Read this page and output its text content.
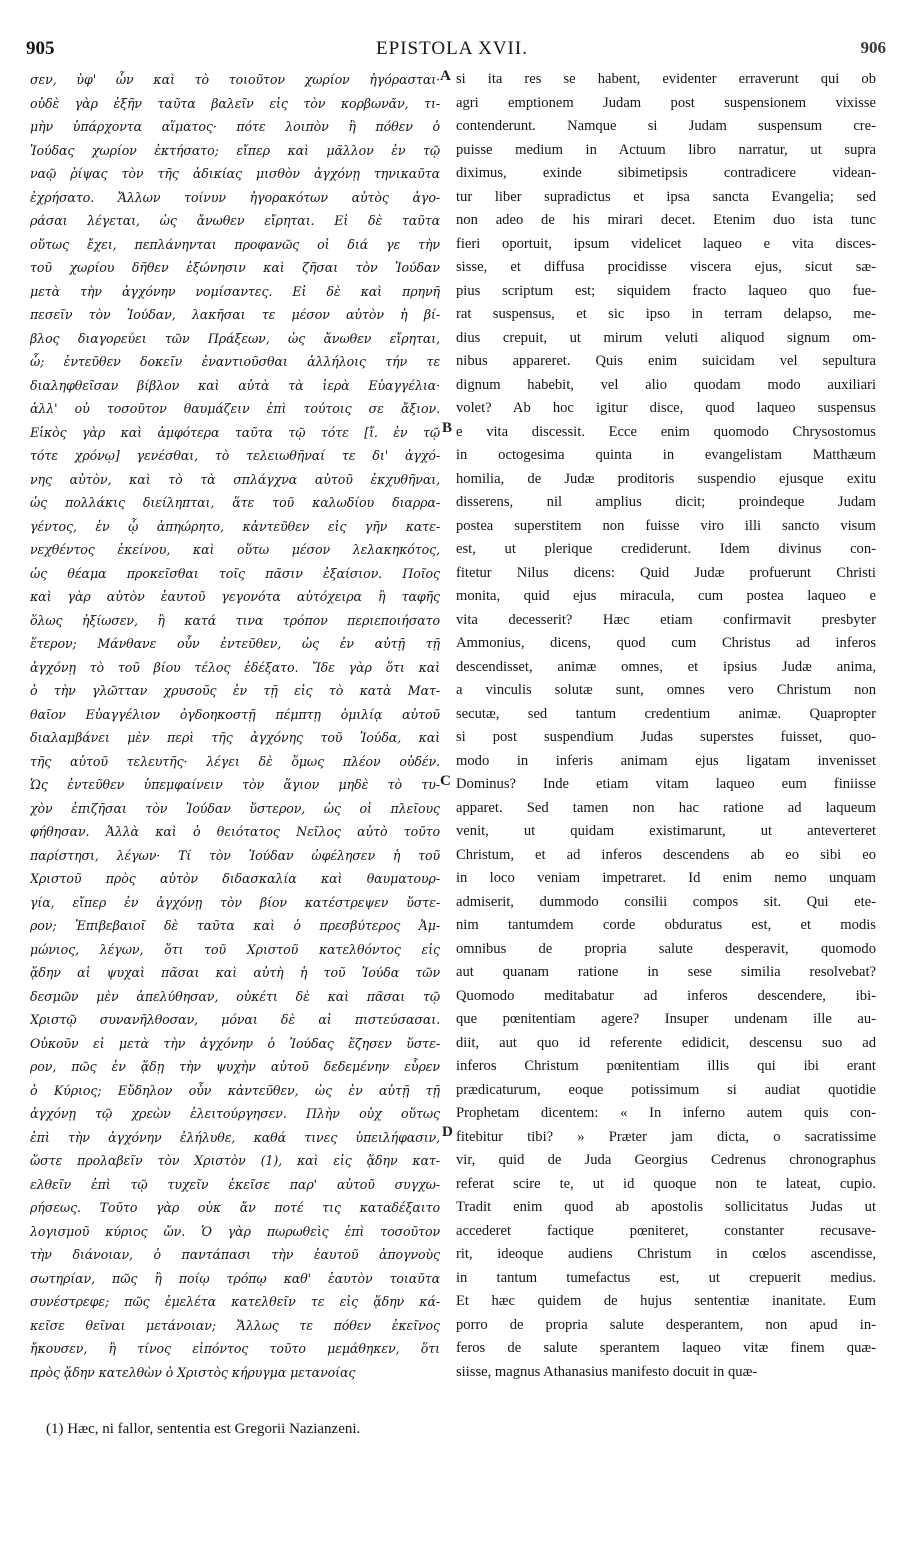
905	EPISTOLA XVII.	906
σεν, ὑφ' ὧν καὶ τὸ τοιοῦτον χωρίον ἠγόρασται·
οὐδὲ γὰρ ἐξῆν ταῦτα βαλεῖν εἰς τὸν κορβωνᾶν, τι-
μὴν ὑπάρχοντα αἵματος· πότε λοιπὸν ἢ πόθεν ὁ
Ἰούδας χωρίον ἐκτήσατο; εἴπερ καὶ μᾶλλον ἐν τῷ
ναῷ ῥίψας τὸν τῆς ἀδικίας μισθὸν ἀγχόνῃ τηνικαῦτα
ἐχρήσατο. Ἄλλων τοίνυν ἠγορακότων αὐτὸς ἀγο-
ράσαι λέγεται, ὡς ἄνωθεν εἴρηται. Εἰ δὲ ταῦτα
οὕτως ἔχει, πεπλάνηνται προφανῶς οἱ διά γε τὴν
τοῦ χωρίου δῆθεν ἐξώνησιν καὶ ζῆσαι τὸν Ἰούδαν
μετὰ τὴν ἀγχόνην νομίσαντες. Εἰ δὲ καὶ πρηνῆ
πεσεῖν τὸν Ἰούδαν, λακῆσαι τε μέσον αὐτὸν ἡ βί-
βλος διαγορεύει τῶν Πράξεων, ὡς ἄνωθεν εἴρηται,
ὧ; ἐντεῦθεν δοκεῖν ἐναντιοῦσθαι ἀλλήλοις τήν τε
διαληφθεῖσαν βίβλον καὶ αὐτὰ τὰ ἱερὰ Εὐαγγέλια·
ἀλλ' οὐ τοσοῦτον θαυμάζειν ἐπὶ τούτοις σε ἄξιον.
Εἰκὸς γὰρ καὶ ἀμφότερα ταῦτα τῷ τότε [ἴ. ἐν τῷ
τότε χρόνῳ] γενέσθαι, τὸ τελειωθῆναί τε δι' ἀγχό-
νης αὐτὸν, καὶ τὸ τὰ σπλάγχνα αὐτοῦ ἐκχυθῆναι,
ὡς πολλάκις διείληπται, ἅτε τοῦ καλωδίου διαρρα-
γέντος, ἐν ᾧ ἀπηώρητο, κἀντεῦθεν εἰς γῆν κατε-
νεχθέντος ἐκείνου, καὶ οὕτω μέσον λελακηκότος,
ὡς θέαμα προκεῖσθαι τοῖς πᾶσιν ἐξαίσιον. Ποῖος
καὶ γὰρ αὐτὸν ἑαυτοῦ γεγονότα αὐτόχειρα ἢ ταφῆς
ὅλως ἠξίωσεν, ἢ κατά τινα τρόπον περιεποιήσατο
ἕτερον; Μάνθανε οὖν ἐντεῦθεν, ὡς ἐν αὐτῇ τῇ
ἀγχόνῃ τὸ τοῦ βίου τέλος ἐδέξατο. Ἴδε γὰρ ὅτι καὶ
ὁ τὴν γλῶτταν χρυσοῦς ἐν τῇ εἰς τὸ κατὰ Ματ-
θαῖον Εὐαγγέλιον ὀγδοηκοστῇ πέμπτῃ ὁμιλίᾳ αὐτοῦ
διαλαμβάνει μὲν περὶ τῆς ἀγχόνης τοῦ Ἰούδα, καὶ
τῆς αὐτοῦ τελευτῆς· λέγει δὲ ὅμως πλέον οὐδέν.
Ὡς ἐντεῦθεν ὑπεμφαίνειν τὸν ἅγιον μηδὲ τὸ τυ-
χὸν ἐπιζῆσαι τὸν Ἰούδαν ὕστερον, ὡς οἱ πλεῖους
φήθησαν. Ἀλλὰ καὶ ὁ θειότατος Νεῖλος αὐτὸ τοῦτο
παρίστησι, λέγων· Τί τὸν Ἰούδαν ὠφέλησεν ἡ τοῦ
Χριστοῦ πρὸς αὐτὸν διδασκαλία καὶ θαυματουρ-
γία, εἴπερ ἐν ἀγχόνῃ τὸν βίον κατέστρεψεν ὕστε-
ρον; Ἐπιβεβαιοῖ δὲ ταῦτα καὶ ὁ πρεσβύτερος Ἀμ-
μώνιος, λέγων, ὅτι τοῦ Χριστοῦ κατελθόντος εἰς
ᾅδην αἱ ψυχαὶ πᾶσαι καὶ αὐτὴ ἡ τοῦ Ἰούδα τῶν
δεσμῶν μὲν ἀπελύθησαν, οὐκέτι δὲ καὶ πᾶσαι τῷ
Χριστῷ συνανῆλθοσαν, μόναι δὲ αἱ πιστεύσασαι.
Οὐκοῦν εἰ μετὰ τὴν ἀγχόνην ὁ Ἰούδας ἔζησεν ὕστε-
ρον, πῶς ἐν ᾅδῃ τὴν ψυχὴν αὐτοῦ δεδεμένην εὗρεν
ὁ Κύριος; Εὔδηλον οὖν κἀντεῦθεν, ὡς ἐν αὐτῇ τῇ
ἀγχόνῃ τῷ χρεὼν ἐλειτούργησεν. Πλὴν οὐχ οὕτως
ἐπὶ τὴν ἀγχόνην ἐλήλυθε, καθά τινες ὑπειλήφασιν,
ὥστε προλαβεῖν τὸν Χριστὸν (1), καὶ εἰς ᾅδην κατ-
ελθεῖν ἐπὶ τῷ τυχεῖν ἐκεῖσε παρ' αὐτοῦ συγχω-
ρήσεως. Τοῦτο γὰρ οὐκ ἄν ποτέ τις καταδέξαιτο
λογισμοῦ κύριος ὤν. Ὁ γὰρ πωρωθεὶς ἐπὶ τοσοῦτον
τὴν διάνοιαν, ὁ παντάπασι τὴν ἑαυτοῦ ἀπογνοὺς
σωτηρίαν, πῶς ἢ ποίῳ τρόπῳ καθ' ἑαυτὸν τοιαῦτα
συνέστρεφε; πῶς ἐμελέτα κατελθεῖν τε εἰς ᾅδην κά-
κεῖσε θεῖναι μετάνοιαν; Ἄλλως τε πόθεν ἐκεῖνος
ἤκουσεν, ἢ τίνος εἰπόντος τοῦτο μεμάθηκεν, ὅτι
πρὸς ᾅδην κατελθὼν ὁ Χριστὸς κήρυγμα μετανοίας
si ita res se habent, evidenter erraverunt qui ob
agri emptionem Judam post suspensionem vixisse
contenderunt. Namque si Judam suspensum cre-
puisse medium in Actuum libro narratur, ut supra
diximus, exinde sibimetipsis contradicere videan-
tur liber supradictus et ipsa sancta Evangelia; sed
non adeo de his mirari decet. Etenim duo ista tunc
fieri oportuit, ipsum videlicet laqueo e vita disces-
sisse, et diffusa procidisse viscera ejus, sicut sæ-
pius scriptum est; siquidem fracto laqueo quo fue-
rat suspensus, et sic ipso in terram delapso, me-
dius crepuit, ut mirum veluti aliquod signum om-
nibus appareret. Quis enim suicidam vel sepultura
dignum habebit, vel alio quodam modo auxiliari
volet? Ab hoc igitur disce, quod laqueo suspensus
e vita discessit. Ecce enim quomodo Chrysostomus
in octogesima quinta in evangelistam Matthæum
homilia, de Judæ proditoris suspendio ejusque exitu
disserens, nil amplius dicit; proindeque Judam
postea superstitem non fuisse viro illi sancto visum
est, ut plerique crediderunt. Idem divinus con-
fitetur Nilus dicens: Quid Judæ profuerunt Christi
monita, quid ejus miracula, cum postea laqueo e
vita decesserit? Hæc etiam confirmavit presbyter
Ammonius, dicens, quod cum Christus ad inferos
descendisset, animæ omnes, et ipsius Judæ anima,
a vinculis solutæ sunt, omnes vero Christum non
secutæ, sed tantum credentium animæ. Quapropter
si post suspendium Judas superstes fuisset, quo-
modo in inferis animam ejus ligatam invenisset
Dominus? Inde etiam vitam laqueo eum finiisse
apparet. Sed tamen non hac ratione ad laqueum
venit, ut quidam existimarunt, ut anteverteret
Christum, et ad inferos descendens ab eo sibi eo
in loco veniam impetraret. Id enim nemo unquam
admiserit, dummodo consilii compos sit. Qui ete-
nim tantumdem corde obduratus est, et modis
omnibus de propria salute desperavit, quomodo
aut quanam ratione in sese similia resolvebat?
Quomodo meditabatur ad inferos descendere, ibi-
que pœnitentiam agere? Insuper undenam ille au-
diit, aut quo id referente edidicit, descensu suo ad
inferos Christum pœnitentiam illis qui ibi erant
prædicaturum, eoque potissimum si audiat quotidie
Prophetam dicentem: « In inferno autem quis con-
fitebitur tibi? » Præter jam dicta, o sacratissime
vir, quid de Juda Georgius Cedrenus chronographus
referat scire te, ut id quoque non te lateat, cupio.
Tradit enim quod ab apostolis sollicitatus Judas ut
accederet factique pœniteret, constanter recusave-
rit, ideoque audiens Christum in cœlos ascendisse,
in tantum tumefactus est, ut crepuerit medius.
Et hæc quidem de hujus sententiæ inanitate. Eum
porro de propria salute desperantem, non apud in-
feros de salute sperantem laqueo vitæ finem quæ-
siisse, magnus Athanasius manifesto docuit in quæ-
A
B
C
D
(1) Hæc, ni fallor, sententia est Gregorii Nazianzeni.
